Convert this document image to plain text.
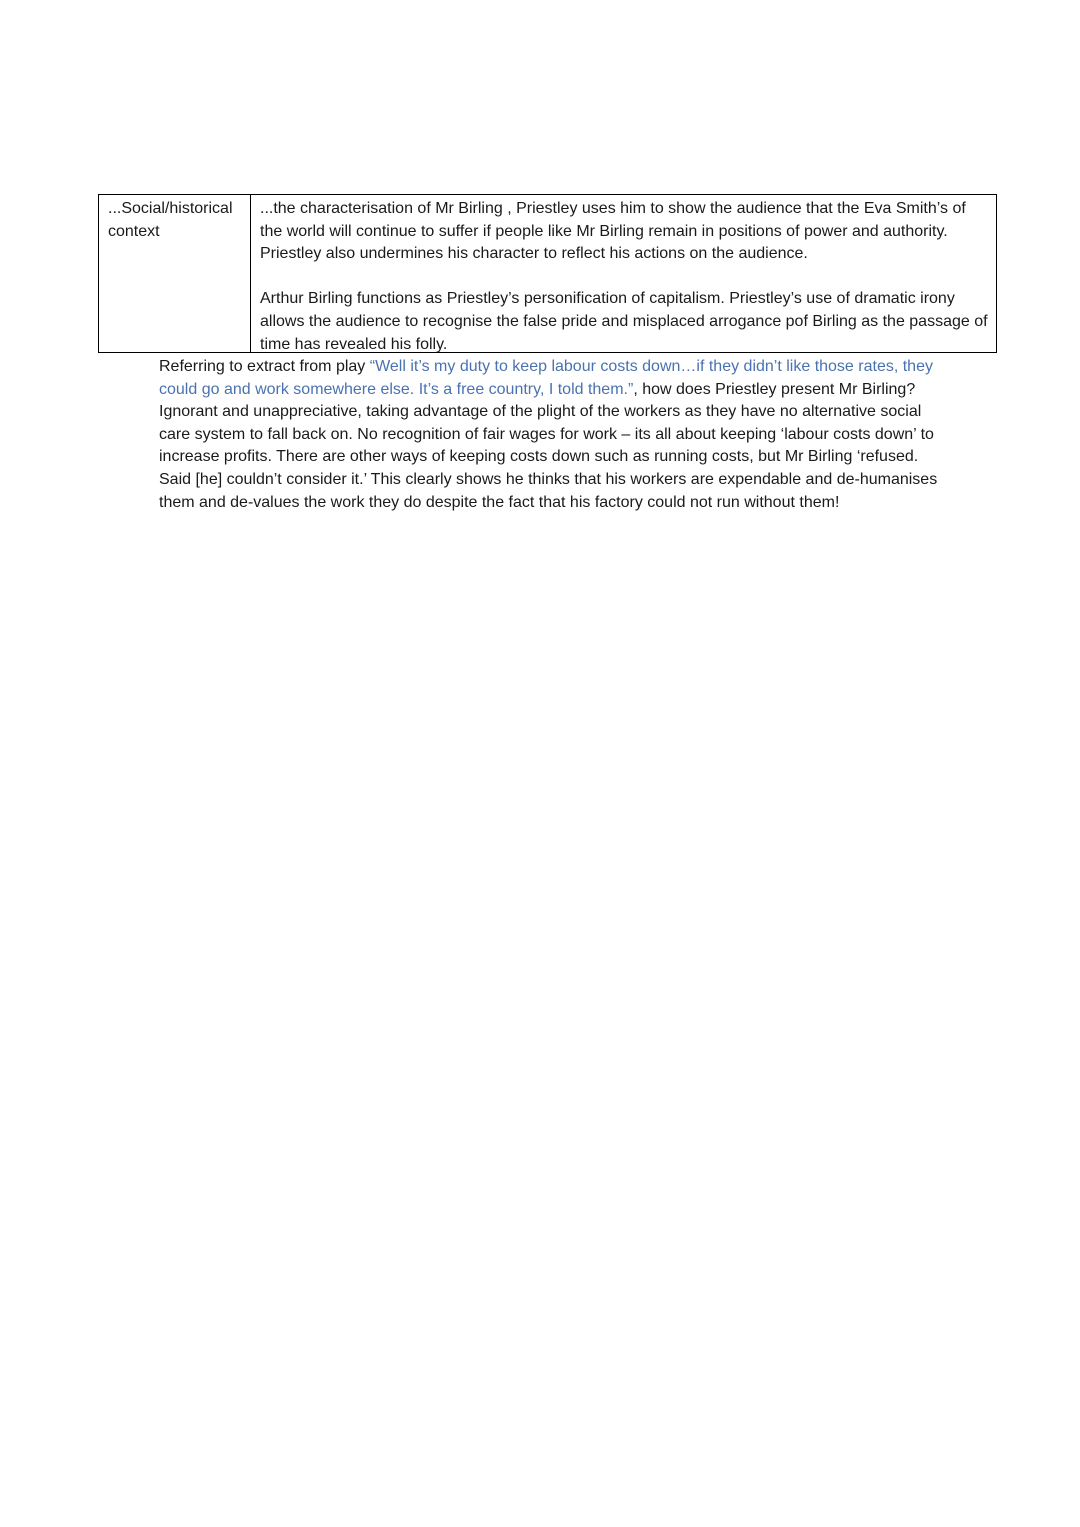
...Social/historical context

...the characterisation of Mr Birling , Priestley uses him to show the audience that the Eva Smith’s of the world will continue to suffer if people like Mr Birling remain in positions of power and authority. Priestley also undermines his character to reflect his actions on the audience.

Arthur Birling functions as Priestley’s personification of capitalism. Priestley’s use of dramatic irony allows the audience to recognise the false pride and misplaced arrogance pof Birling as the passage of time has revealed his folly.

Referring to extract from play “Well it’s my duty to keep labour costs down…if they didn’t like those rates, they could go and work somewhere else. It’s a free country, I told them.”, how does Priestley present Mr Birling?

Ignorant and unappreciative, taking advantage of the plight of the workers as they have no alternative social care system to fall back on. No recognition of fair wages for work – its all about keeping ‘labour costs down’ to increase profits. There are other ways of keeping costs down such as running costs, but Mr Birling ‘refused. Said [he] couldn’t consider it.’ This clearly shows he thinks that his workers are expendable and de-humanises them and de-values the work they do despite the fact that his factory could not run without them!
